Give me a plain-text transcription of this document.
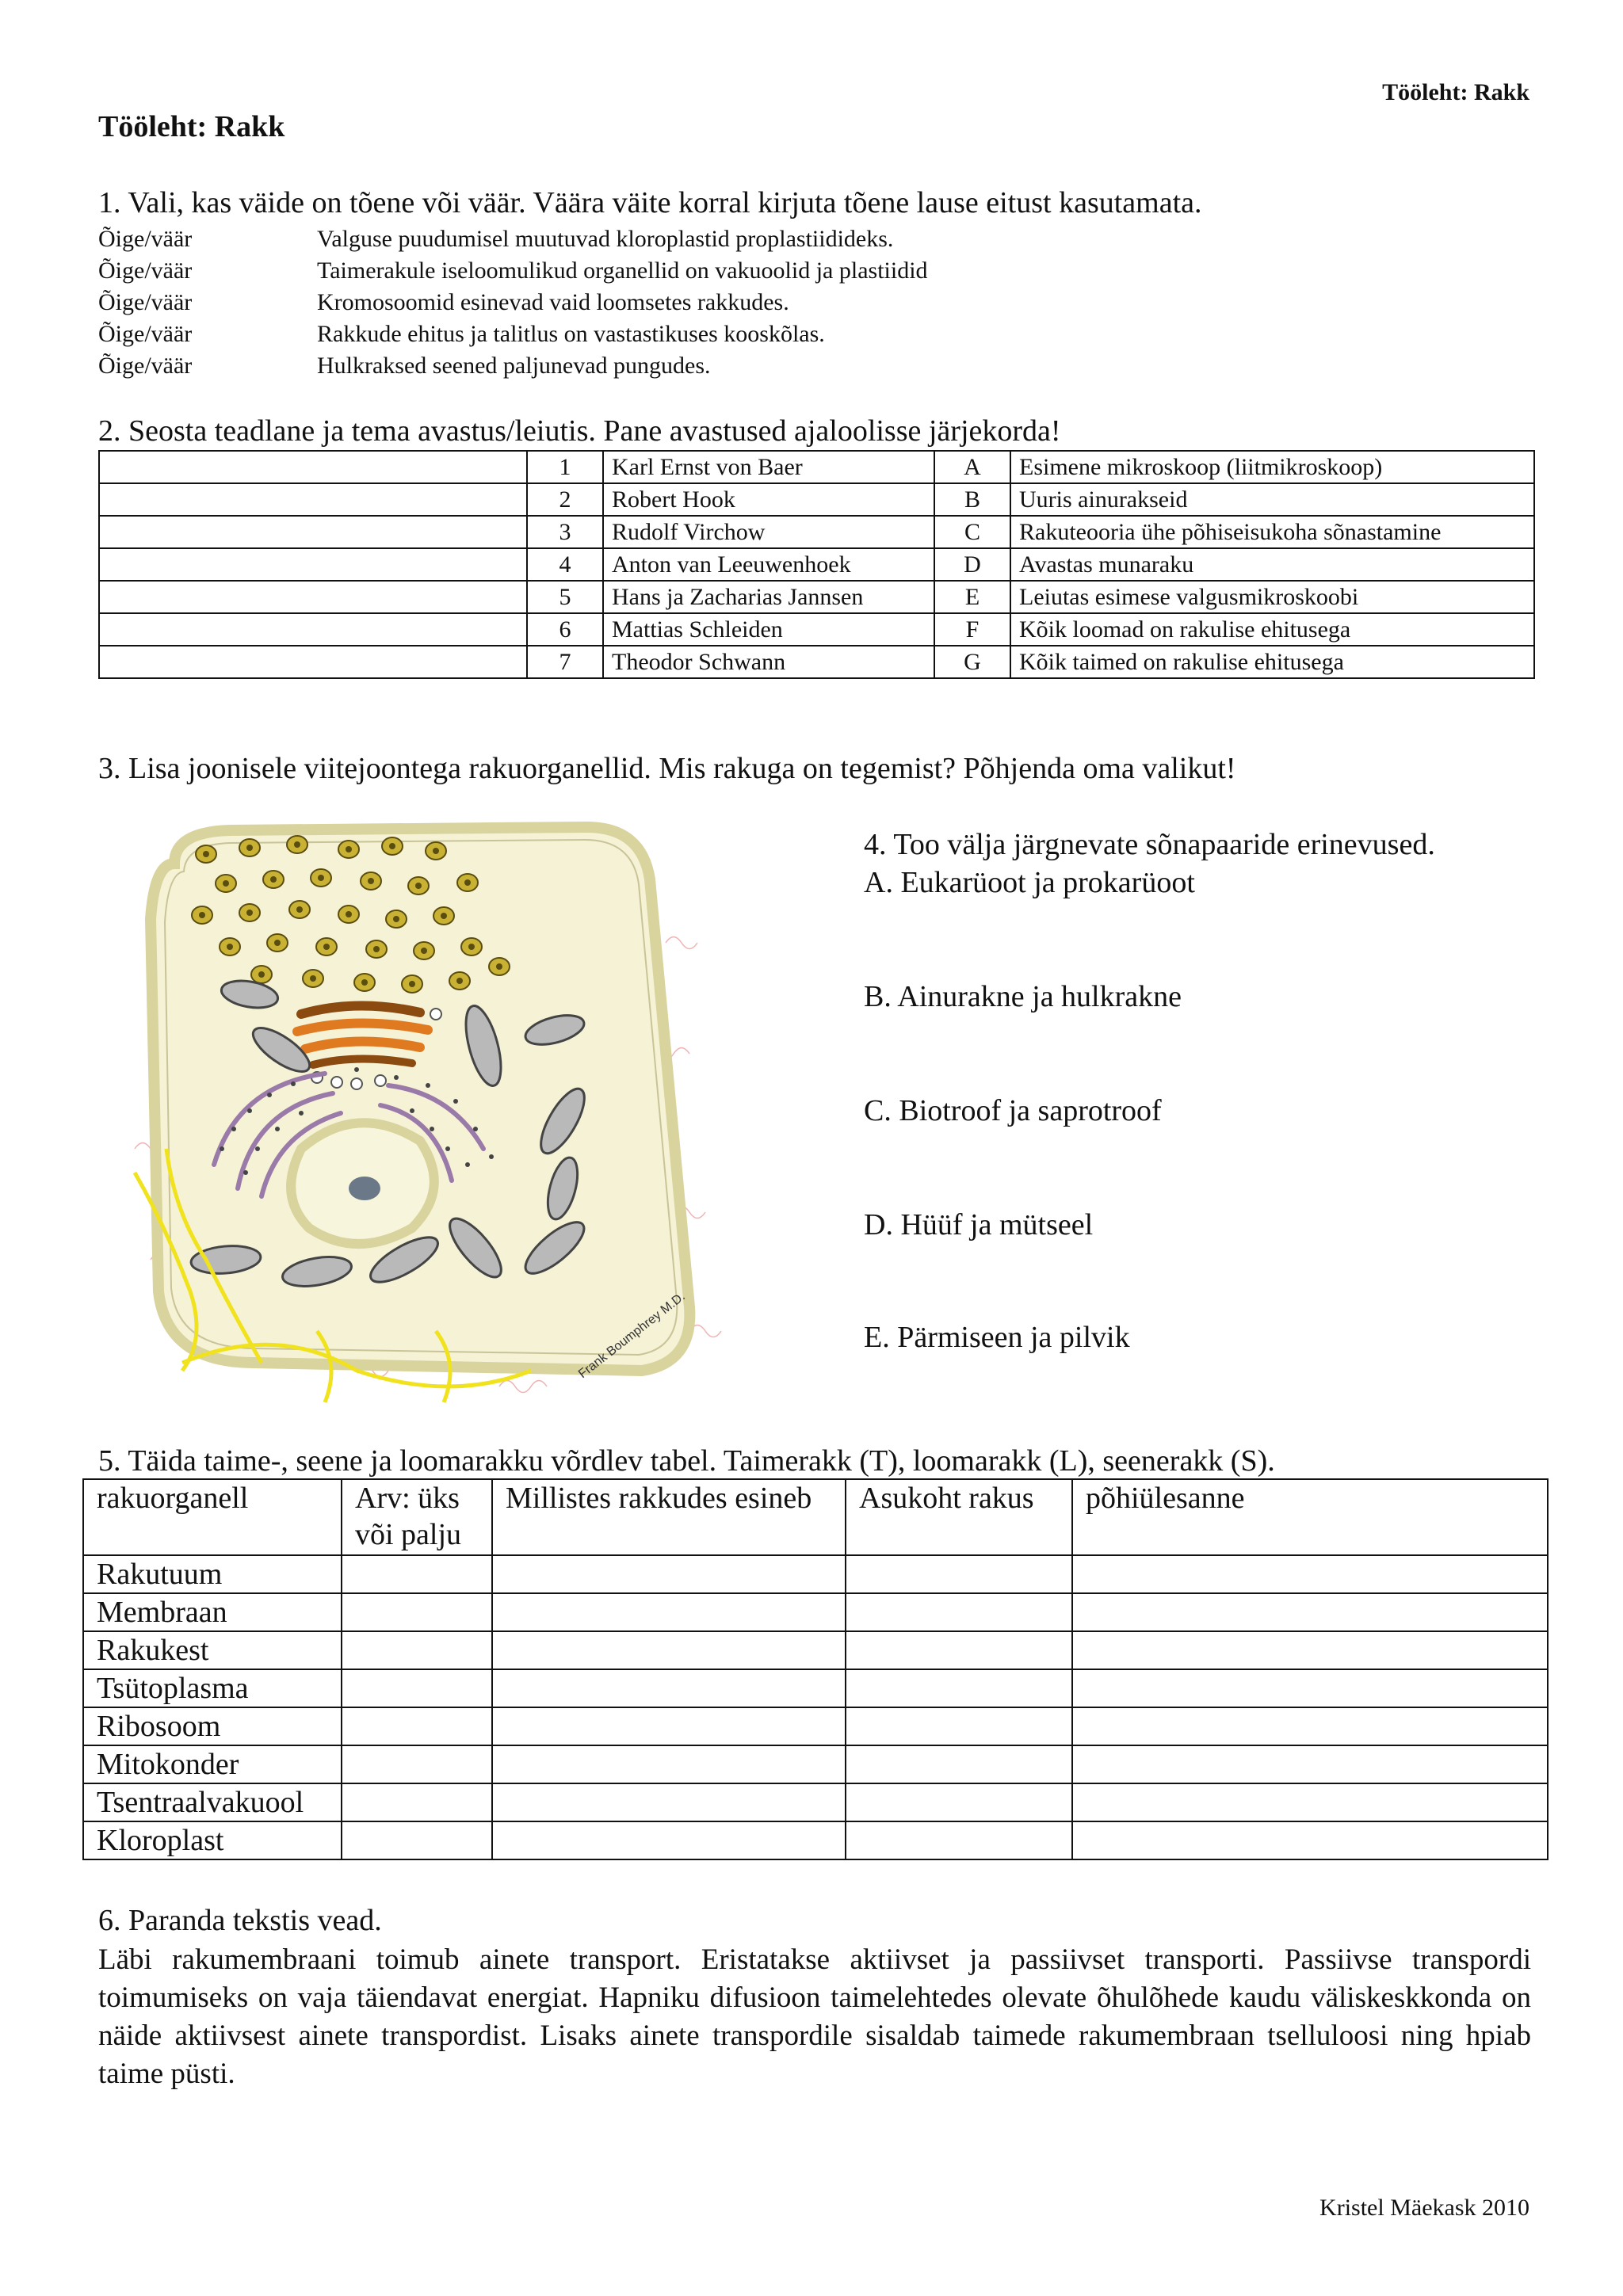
Tööleht: Rakk
Tööleht: Rakk
1. Vali, kas väide on tõene või väär. Väära väite korral kirjuta tõene lause eitust kasutamata.
Õige/väär	Valguse puudumisel muutuvad kloroplastid proplastiidideks.
Õige/väär	Taimerakule iseloomulikud organellid on vakuoolid ja plastiidid
Õige/väär	Kromosoomid esinevad vaid loomsetes rakkudes.
Õige/väär	Rakkude ehitus ja talitlus on vastastikuses kooskõlas.
Õige/väär	Hulkraksed seened paljunevad pungudes.
2. Seosta teadlane ja tema avastus/leiutis. Pane avastused ajaloolisse järjekorda!
	1	Karl Ernst von Baer	A	Esimene mikroskoop (liitmikroskoop)
	2	Robert Hook	B	Uuris ainurakseid
	3	Rudolf Virchow	C	Rakuteooria ühe põhiseisukoha sõnastamine
	4	Anton van Leeuwenhoek	D	Avastas munaraku
	5	Hans ja Zacharias Jannsen	E	Leiutas esimese valgusmikroskoobi
	6	Mattias Schleiden	F	Kõik loomad on rakulise ehitusega
	7	Theodor Schwann	G	Kõik taimed on rakulise ehitusega
3. Lisa joonisele viitejoontega rakuorganellid. Mis rakuga on tegemist? Põhjenda oma valikut!
Frank Boumphrey M.D.
4. Too välja järgnevate sõnapaaride erinevused.
A. Eukarüoot ja prokarüoot
B. Ainurakne ja hulkrakne
C. Biotroof ja saprotroof
D. Hüüf ja mütseel
E. Pärmiseen ja pilvik
5. Täida taime-, seene ja loomarakku võrdlev tabel. Taimerakk (T), loomarakk (L), seenerakk (S).
rakuorganell	Arv: üks või palju	Millistes rakkudes esineb	Asukoht rakus	põhiülesanne
Rakutuum				
Membraan				
Rakukest				
Tsütoplasma				
Ribosoom				
Mitokonder				
Tsentraalvakuool				
Kloroplast				
6. Paranda tekstis vead.
Läbi rakumembraani toimub ainete transport. Eristatakse aktiivset ja passiivset transporti. Passiivse transpordi toimumiseks on vaja täiendavat energiat. Hapniku difusioon taimelehtedes olevate õhulõhede kaudu väliskeskkonda on näide aktiivsest ainete transpordist. Lisaks ainete transpordile sisaldab taimede rakumembraan tselluloosi ning hpiab taime püsti.
Kristel Mäekask 2010
